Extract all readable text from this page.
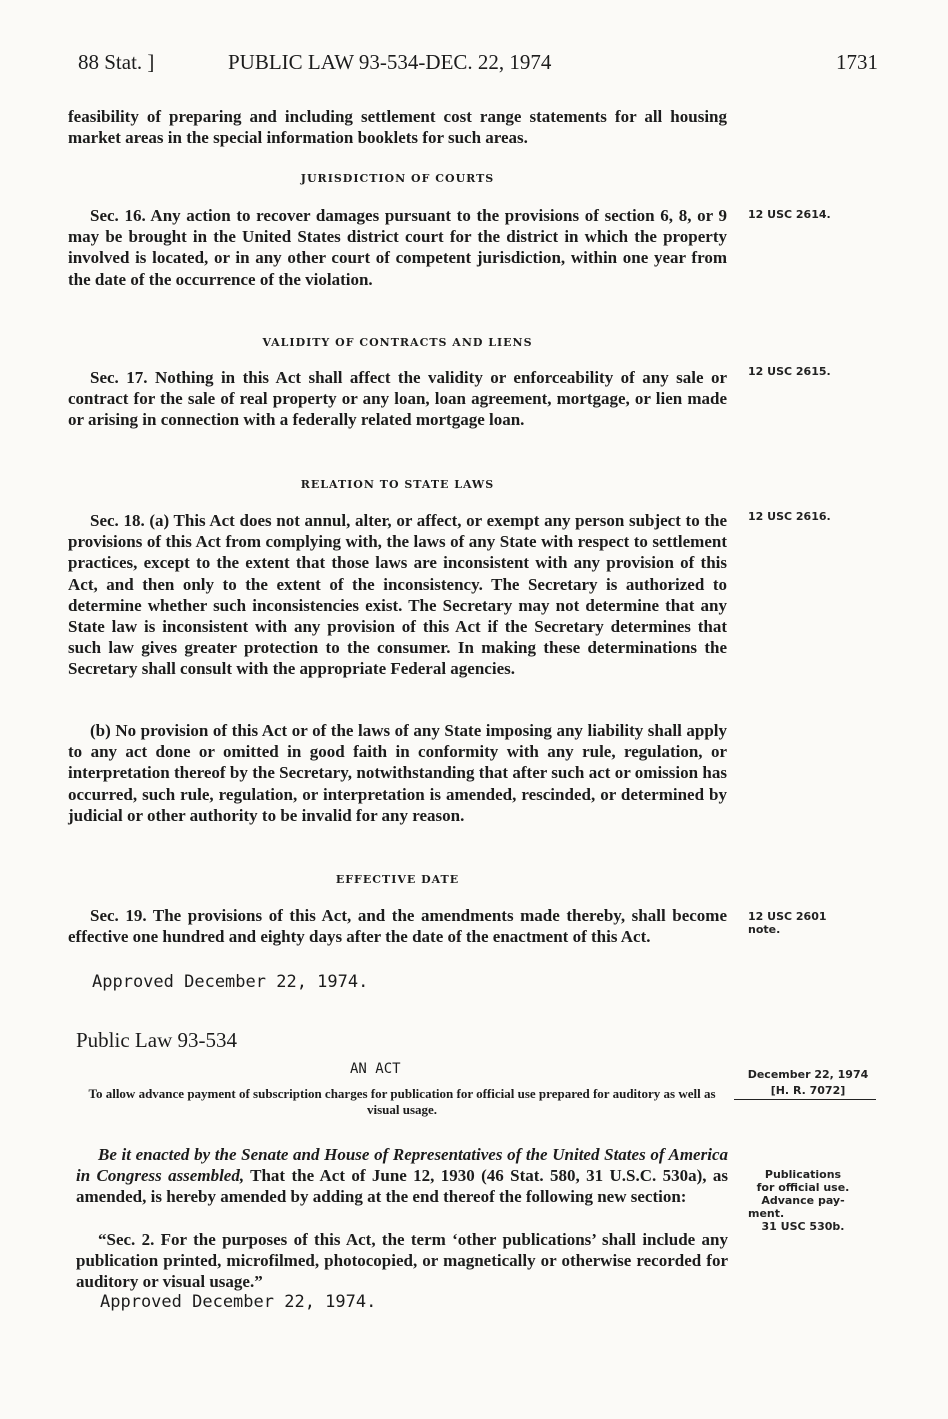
88 Stat. ]	PUBLIC LAW 93-534-DEC. 22, 1974	1731

feasibility of preparing and including settlement cost range statements for all housing market areas in the special information booklets for such areas.

JURISDICTION OF COURTS

Sec. 16. Any action to recover damages pursuant to the provisions of section 6, 8, or 9 may be brought in the United States district court for the district in which the property involved is located, or in any other court of competent jurisdiction, within one year from the date of the occurrence of the violation.

VALIDITY OF CONTRACTS AND LIENS

Sec. 17. Nothing in this Act shall affect the validity or enforceability of any sale or contract for the sale of real property or any loan, loan agreement, mortgage, or lien made or arising in connection with a federally related mortgage loan.

RELATION TO STATE LAWS

Sec. 18. (a) This Act does not annul, alter, or affect, or exempt any person subject to the provisions of this Act from complying with, the laws of any State with respect to settlement practices, except to the extent that those laws are inconsistent with any provision of this Act, and then only to the extent of the inconsistency. The Secretary is authorized to determine whether such inconsistencies exist. The Secretary may not determine that any State law is inconsistent with any provision of this Act if the Secretary determines that such law gives greater protection to the consumer. In making these determinations the Secretary shall consult with the appropriate Federal agencies.

(b) No provision of this Act or of the laws of any State imposing any liability shall apply to any act done or omitted in good faith in conformity with any rule, regulation, or interpretation thereof by the Secretary, notwithstanding that after such act or omission has occurred, such rule, regulation, or interpretation is amended, rescinded, or determined by judicial or other authority to be invalid for any reason.

EFFECTIVE DATE

Sec. 19. The provisions of this Act, and the amendments made thereby, shall become effective one hundred and eighty days after the date of the enactment of this Act.

Approved December 22, 1974.
Public Law 93-534
AN ACT

To allow advance payment of subscription charges for publication for official use prepared for auditory as well as visual usage.

Be it enacted by the Senate and House of Representatives of the United States of America in Congress assembled, That the Act of June 12, 1930 (46 Stat. 580, 31 U.S.C. 530a), as amended, is hereby amended by adding at the end thereof the following new section:

“Sec. 2. For the purposes of this Act, the term ‘other publications’ shall include any publication printed, microfilmed, photocopied, or magnetically or otherwise recorded for auditory or visual usage.”

Approved December 22, 1974.
12 USC 2614.
12 USC 2615.
12 USC 2616.
12 USC 2601
note.
December 22, 1974
[H. R. 7072]
Publications
for official use.
Advance pay-
ment.
31 USC 530b.
